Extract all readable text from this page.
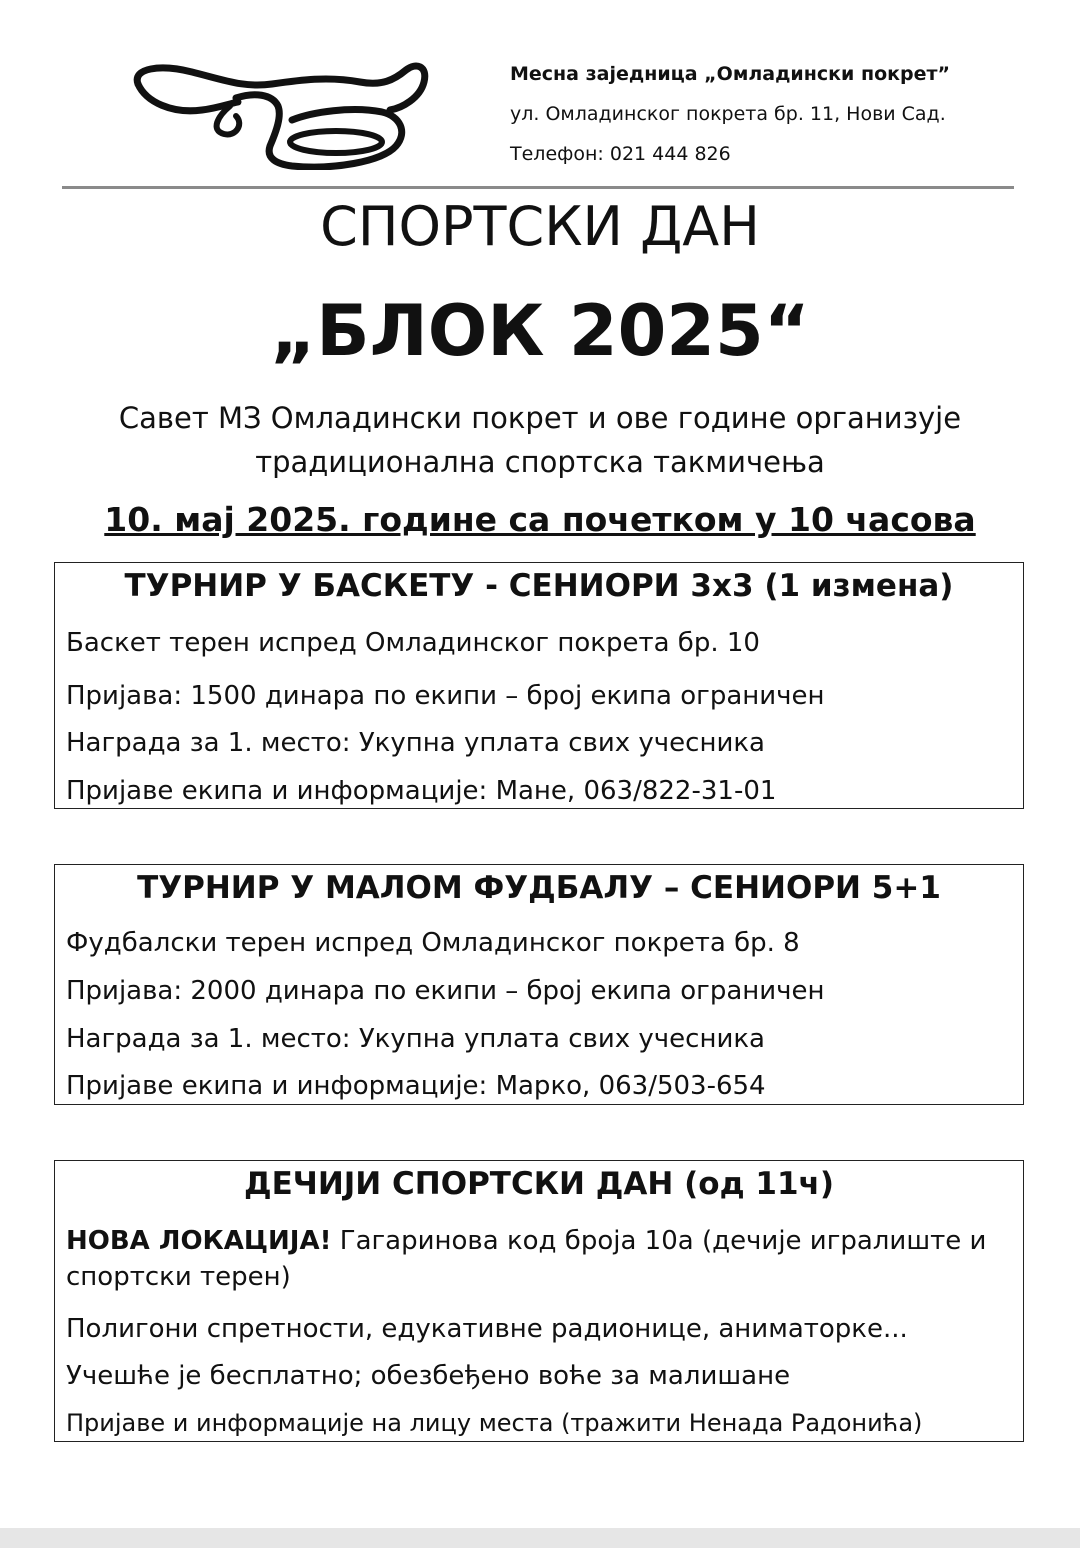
Месна заједница „Омладински покрет”
ул. Омладинског покрета бр. 11, Нови Сад.
Телефон: 021 444 826
СПОРТСКИ ДАН
„БЛОК 2025“
Савет МЗ Омладински покрет и ове године организује
традиционална спортска такмичења
10. мај 2025. године са почетком у 10 часова
ТУРНИР У БАСКЕТУ - СЕНИОРИ 3x3 (1 измена)
Баскет терен испред Омладинског покрета бр. 10
Пријава: 1500 динара по екипи – број екипа ограничен
Награда за 1. место: Укупна уплата свих учесника
Пријаве екипа и информације: Мане, 063/822-31-01
ТУРНИР У МАЛОМ ФУДБАЛУ – СЕНИОРИ 5+1
Фудбалски терен испред Омладинског покрета бр. 8
Пријава: 2000 динара по екипи – број екипа ограничен
Награда за 1. место: Укупна уплата свих учесника
Пријаве екипа и информације: Марко, 063/503-654
ДЕЧИЈИ СПОРТСКИ ДАН (од 11ч)
НОВА ЛОКАЦИЈА! Гагаринова код броја 10а (дечије игралиште и спортски терен)
Полигони спретности, едукативне радионице, аниматорке...
Учешће је бесплатно; обезбеђено воће за малишане
Пријаве и информације на лицу места (тражити Ненада Радонића)
